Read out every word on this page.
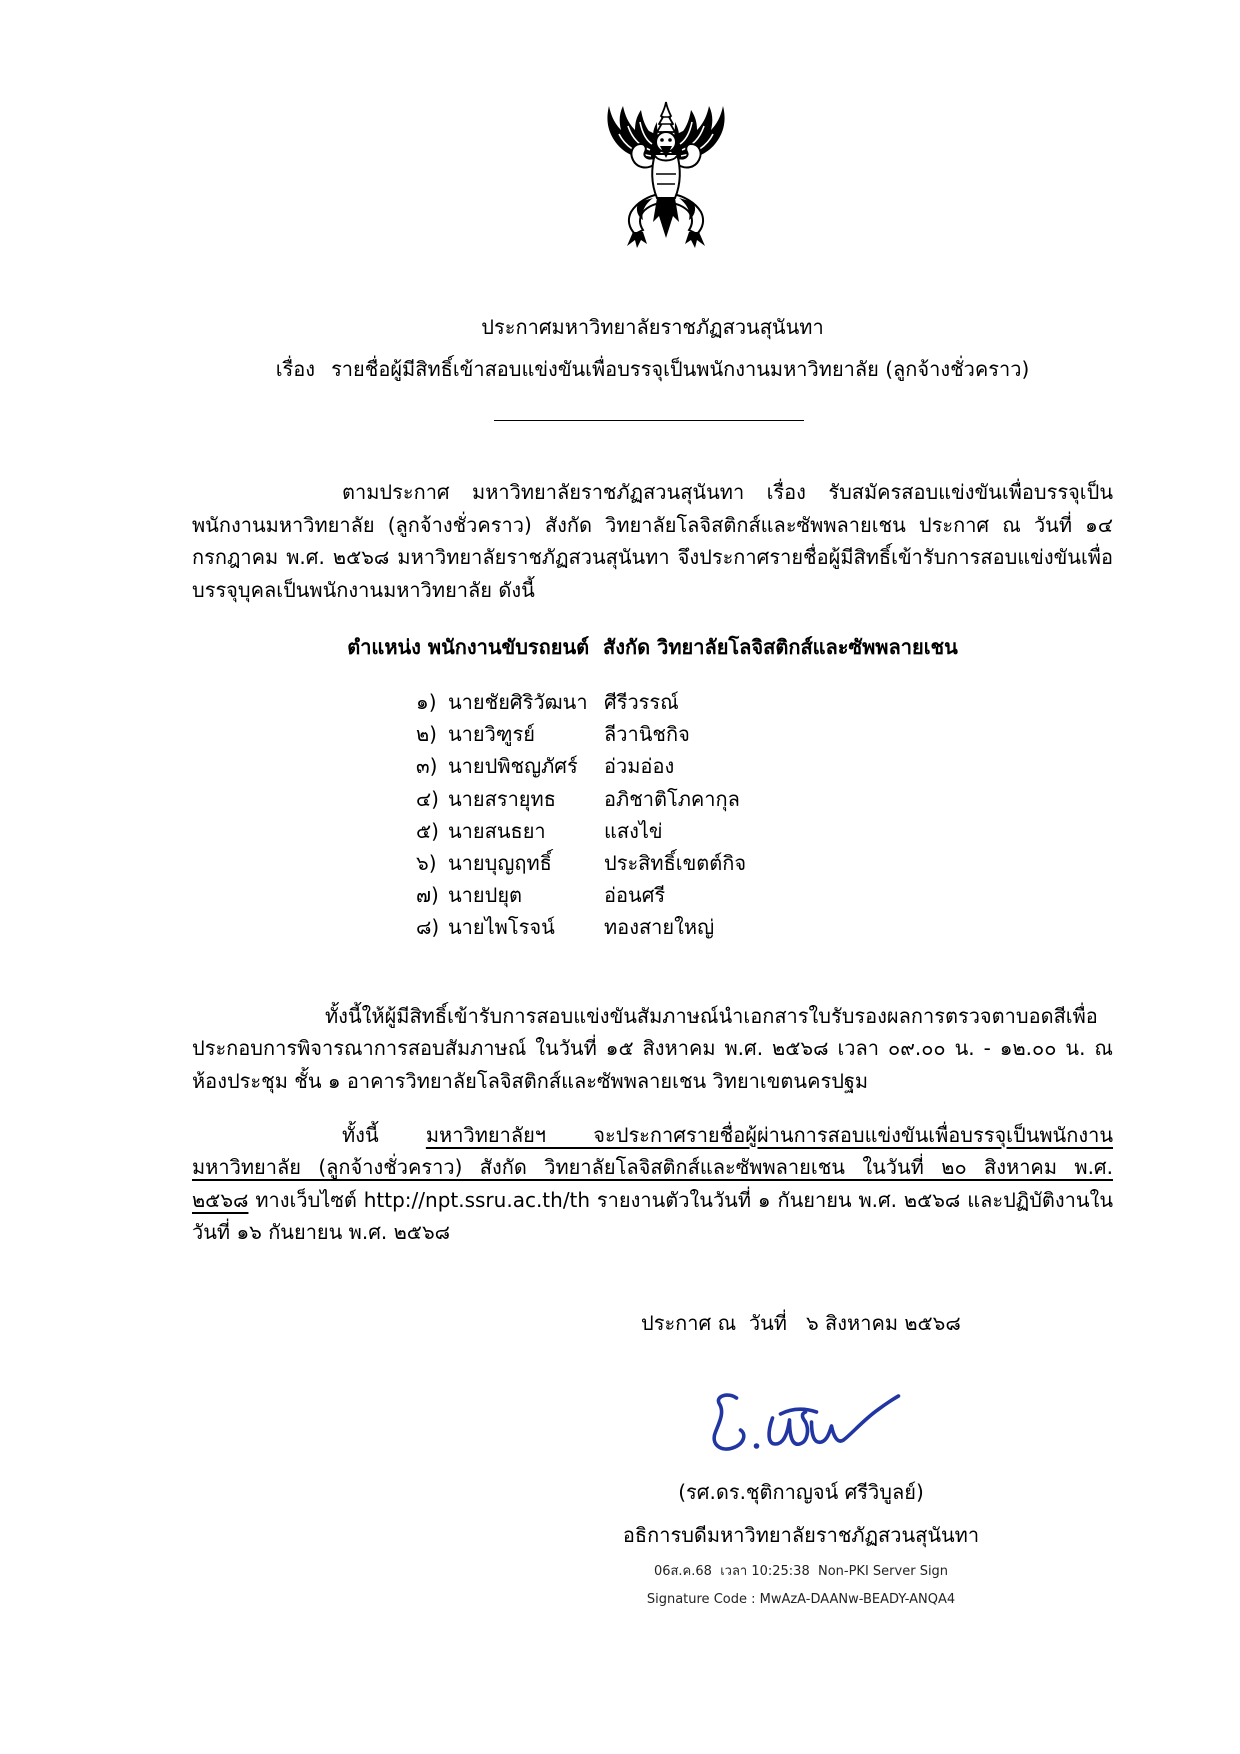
ประกาศมหาวิทยาลัยราชภัฏสวนสุนันทา
เรื่อง รายชื่อผู้มีสิทธิ์เข้าสอบแข่งขันเพื่อบรรจุเป็นพนักงานมหาวิทยาลัย (ลูกจ้างชั่วคราว)
ตามประกาศ มหาวิทยาลัยราชภัฏสวนสุนันทา เรื่อง รับสมัครสอบแข่งขันเพื่อบรรจุเป็น
พนักงานมหาวิทยาลัย (ลูกจ้างชั่วคราว) สังกัด วิทยาลัยโลจิสติกส์และซัพพลายเชน ประกาศ ณ วันที่ ๑๔
กรกฎาคม พ.ศ. ๒๕๖๘ มหาวิทยาลัยราชภัฏสวนสุนันทา จึงประกาศรายชื่อผู้มีสิทธิ์เข้ารับการสอบแข่งขันเพื่อ
บรรจุบุคลเป็นพนักงานมหาวิทยาลัย ดังนี้
ตำแหน่ง พนักงานขับรถยนต์  สังกัด วิทยาลัยโลจิสติกส์และซัพพลายเชน
๑) นายชัยศิริวัฒนา ศีรีวรรณ์
๒) นายวิฑูรย์	ลีวานิชกิจ
๓) นายปพิชญภัศร์	อ่วมอ่อง
๔) นายสรายุทธ	อภิชาติโภคากุล
๕) นายสนธยา	แสงไข่
๖) นายบุญฤทธิ์	ประสิทธิ์เขตต์กิจ
๗) นายปยุต	อ่อนศรี
๘) นายไพโรจน์	ทองสายใหญ่
ทั้งนี้ให้ผู้มีสิทธิ์เข้ารับการสอบแข่งขันสัมภาษณ์นำเอกสารใบรับรองผลการตรวจตาบอดสีเพื่อ
ประกอบการพิจารณาการสอบสัมภาษณ์ ในวันที่ ๑๕ สิงหาคม พ.ศ. ๒๕๖๘ เวลา ๐๙.๐๐ น. - ๑๒.๐๐ น. ณ
ห้องประชุม ชั้น ๑ อาคารวิทยาลัยโลจิสติกส์และซัพพลายเชน วิทยาเขตนครปฐม
ทั้งนี้ มหาวิทยาลัยฯ จะประกาศรายชื่อผู้ผ่านการสอบแข่งขันเพื่อบรรจุเป็นพนักงาน
มหาวิทยาลัย (ลูกจ้างชั่วคราว) สังกัด วิทยาลัยโลจิสติกส์และซัพพลายเชน ในวันที่ ๒๐ สิงหาคม พ.ศ.
๒๕๖๘ ทางเว็บไซต์ http://npt.ssru.ac.th/th รายงานตัวในวันที่ ๑ กันยายน พ.ศ. ๒๕๖๘ และปฏิบัติงานใน
วันที่ ๑๖ กันยายน พ.ศ. ๒๕๖๘
ประกาศ ณ  วันที่   ๖ สิงหาคม ๒๕๖๘
(รศ.ดร.ชุติกาญจน์ ศรีวิบูลย์)
อธิการบดีมหาวิทยาลัยราชภัฏสวนสุนันทา
06ส.ค.68  เวลา 10:25:38  Non-PKI Server Sign
Signature Code : MwAzA-DAANw-BEADY-ANQA4
